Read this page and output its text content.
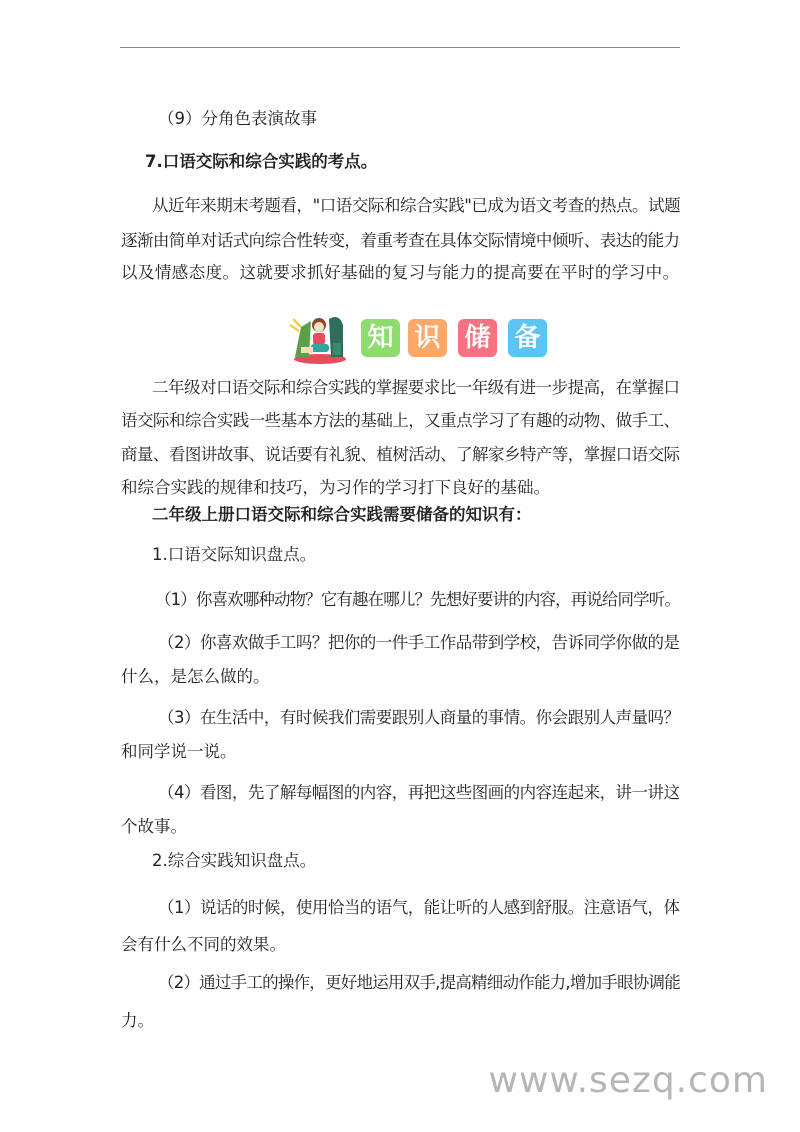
（9）分角色表演故事
7.口语交际和综合实践的考点。
从近年来期末考题看，"口语交际和综合实践"已成为语文考查的热点。试题
逐渐由简单对话式向综合性转变，着重考查在具体交际情境中倾听、表达的能力
以及情感态度。这就要求抓好基础的复习与能力的提高要在平时的学习中。
二年级对口语交际和综合实践的掌握要求比一年级有进一步提高，在掌握口
语交际和综合实践一些基本方法的基础上，又重点学习了有趣的动物、做手工、
商量、看图讲故事、说话要有礼貌、植树活动、了解家乡特产等，掌握口语交际
和综合实践的规律和技巧，为习作的学习打下良好的基础。
二年级上册口语交际和综合实践需要储备的知识有：
1.口语交际知识盘点。
（1）你喜欢哪种动物？它有趣在哪儿？先想好要讲的内容，再说给同学听。
（2）你喜欢做手工吗？把你的一件手工作品带到学校，告诉同学你做的是
什么，是怎么做的。
（3）在生活中，有时候我们需要跟别人商量的事情。你会跟别人声量吗？
和同学说一说。
（4）看图，先了解每幅图的内容，再把这些图画的内容连起来，讲一讲这
个故事。
2.综合实践知识盘点。
（1）说话的时候，使用恰当的语气，能让听的人感到舒服。注意语气，体
会有什么不同的效果。
（2）通过手工的操作，更好地运用双手,提高精细动作能力,增加手眼协调能
力。
知 识 储 备
www.sezq.com
